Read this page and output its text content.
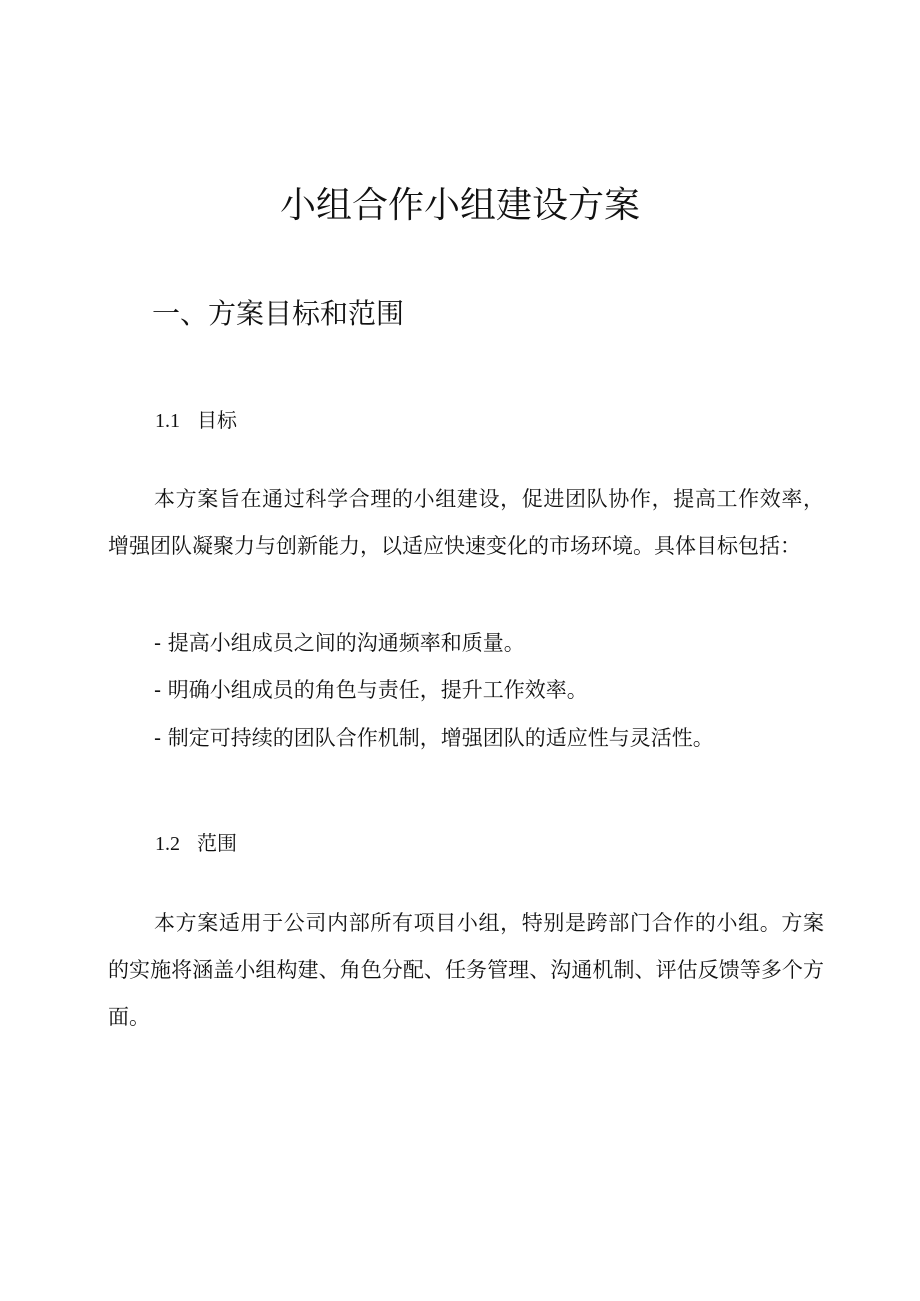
小组合作小组建设方案
一、方案目标和范围
1.1 目标

本方案旨在通过科学合理的小组建设，促进团队协作，提高工作效率，增强团队凝聚力与创新能力，以适应快速变化的市场环境。具体目标包括：

- 提高小组成员之间的沟通频率和质量。
- 明确小组成员的角色与责任，提升工作效率。
- 制定可持续的团队合作机制，增强团队的适应性与灵活性。
1.2 范围

本方案适用于公司内部所有项目小组，特别是跨部门合作的小组。方案的实施将涵盖小组构建、角色分配、任务管理、沟通机制、评估反馈等多个方面。
